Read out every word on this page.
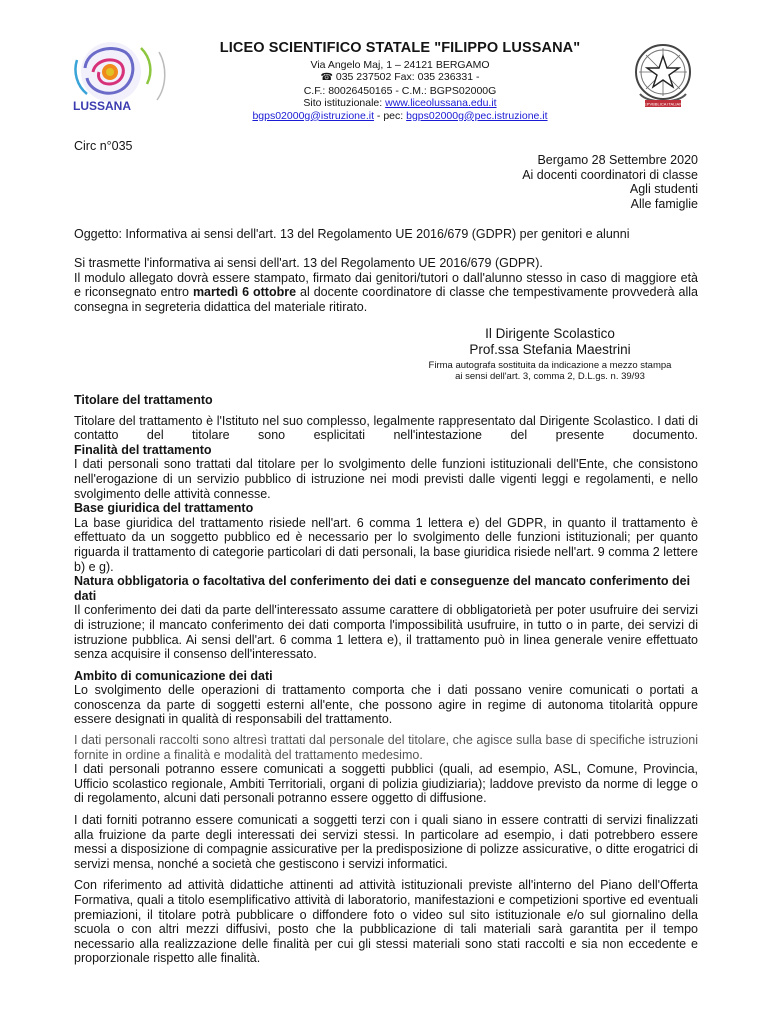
LUSSANA
LICEO SCIENTIFICO STATALE "FILIPPO LUSSANA"
Via Angelo Maj, 1 – 24121 BERGAMO
☎ 035 237502 Fax: 035 236331 -
C.F.: 80026450165 - C.M.: BGPS02000G
Sito istituzionale: www.liceolussana.edu.it
bgps02000g@istruzione.it - pec: bgps02000g@pec.istruzione.it
REPVBBLICA ITALIANA
Circ n°035
Bergamo 28 Settembre 2020
Ai docenti coordinatori di classe
Agli studenti
Alle famiglie
Oggetto: Informativa ai sensi dell'art. 13 del Regolamento UE 2016/679 (GDPR) per genitori e alunni
Si trasmette l'informativa ai sensi dell'art. 13 del Regolamento UE 2016/679 (GDPR).
Il modulo allegato dovrà essere stampato, firmato dai genitori/tutori o dall'alunno stesso in caso di maggiore età e riconsegnato entro martedì 6 ottobre al docente coordinatore di classe che tempestivamente provvederà alla consegna in segreteria didattica del materiale ritirato.
Il Dirigente Scolastico
Prof.ssa Stefania Maestrini
Firma autografa sostituita da indicazione a mezzo stampa
ai sensi dell'art. 3, comma 2, D.L.gs. n. 39/93
Titolare del trattamento
Titolare del trattamento è l'Istituto nel suo complesso, legalmente rappresentato dal Dirigente Scolastico. I dati di contatto del titolare sono esplicitati nell'intestazione del presente documento.
Finalità del trattamento
I dati personali sono trattati dal titolare per lo svolgimento delle funzioni istituzionali dell'Ente, che consistono nell'erogazione di un servizio pubblico di istruzione nei modi previsti dalle vigenti leggi e regolamenti, e nello svolgimento delle attività connesse.
Base giuridica del trattamento
La base giuridica del trattamento risiede nell'art. 6 comma 1 lettera e) del GDPR, in quanto il trattamento è effettuato da un soggetto pubblico ed è necessario per lo svolgimento delle funzioni istituzionali; per quanto riguarda il trattamento di categorie particolari di dati personali, la base giuridica risiede nell'art. 9 comma 2 lettere b) e g).
Natura obbligatoria o facoltativa del conferimento dei dati e conseguenze del mancato conferimento dei dati
Il conferimento dei dati da parte dell'interessato assume carattere di obbligatorietà per poter usufruire dei servizi di istruzione; il mancato conferimento dei dati comporta l'impossibilità usufruire, in tutto o in parte, dei servizi di istruzione pubblica. Ai sensi dell'art. 6 comma 1 lettera e), il trattamento può in linea generale venire effettuato senza acquisire il consenso dell'interessato.
Ambito di comunicazione dei dati
Lo svolgimento delle operazioni di trattamento comporta che i dati possano venire comunicati o portati a conoscenza da parte di soggetti esterni all'ente, che possono agire in regime di autonoma titolarità oppure essere designati in qualità di responsabili del trattamento.
I dati personali raccolti sono altresì trattati dal personale del titolare, che agisce sulla base di specifiche istruzioni fornite in ordine a finalità e modalità del trattamento medesimo.
I dati personali potranno essere comunicati a soggetti pubblici (quali, ad esempio, ASL, Comune, Provincia, Ufficio scolastico regionale, Ambiti Territoriali, organi di polizia giudiziaria); laddove previsto da norme di legge o di regolamento, alcuni dati personali potranno essere oggetto di diffusione.
I dati forniti potranno essere comunicati a soggetti terzi con i quali siano in essere contratti di servizi finalizzati alla fruizione da parte degli interessati dei servizi stessi. In particolare ad esempio, i dati potrebbero essere messi a disposizione di compagnie assicurative per la predisposizione di polizze assicurative, o ditte erogatrici di servizi mensa, nonché a società che gestiscono i servizi informatici.
Con riferimento ad attività didattiche attinenti ad attività istituzionali previste all'interno del Piano dell'Offerta Formativa, quali a titolo esemplificativo attività di laboratorio, manifestazioni e competizioni sportive ed eventuali premiazioni, il titolare potrà pubblicare o diffondere foto o video sul sito istituzionale e/o sul giornalino della scuola o con altri mezzi diffusivi, posto che la pubblicazione di tali materiali sarà garantita per il tempo necessario alla realizzazione delle finalità per cui gli stessi materiali sono stati raccolti e sia non eccedente e proporzionale rispetto alle finalità.
